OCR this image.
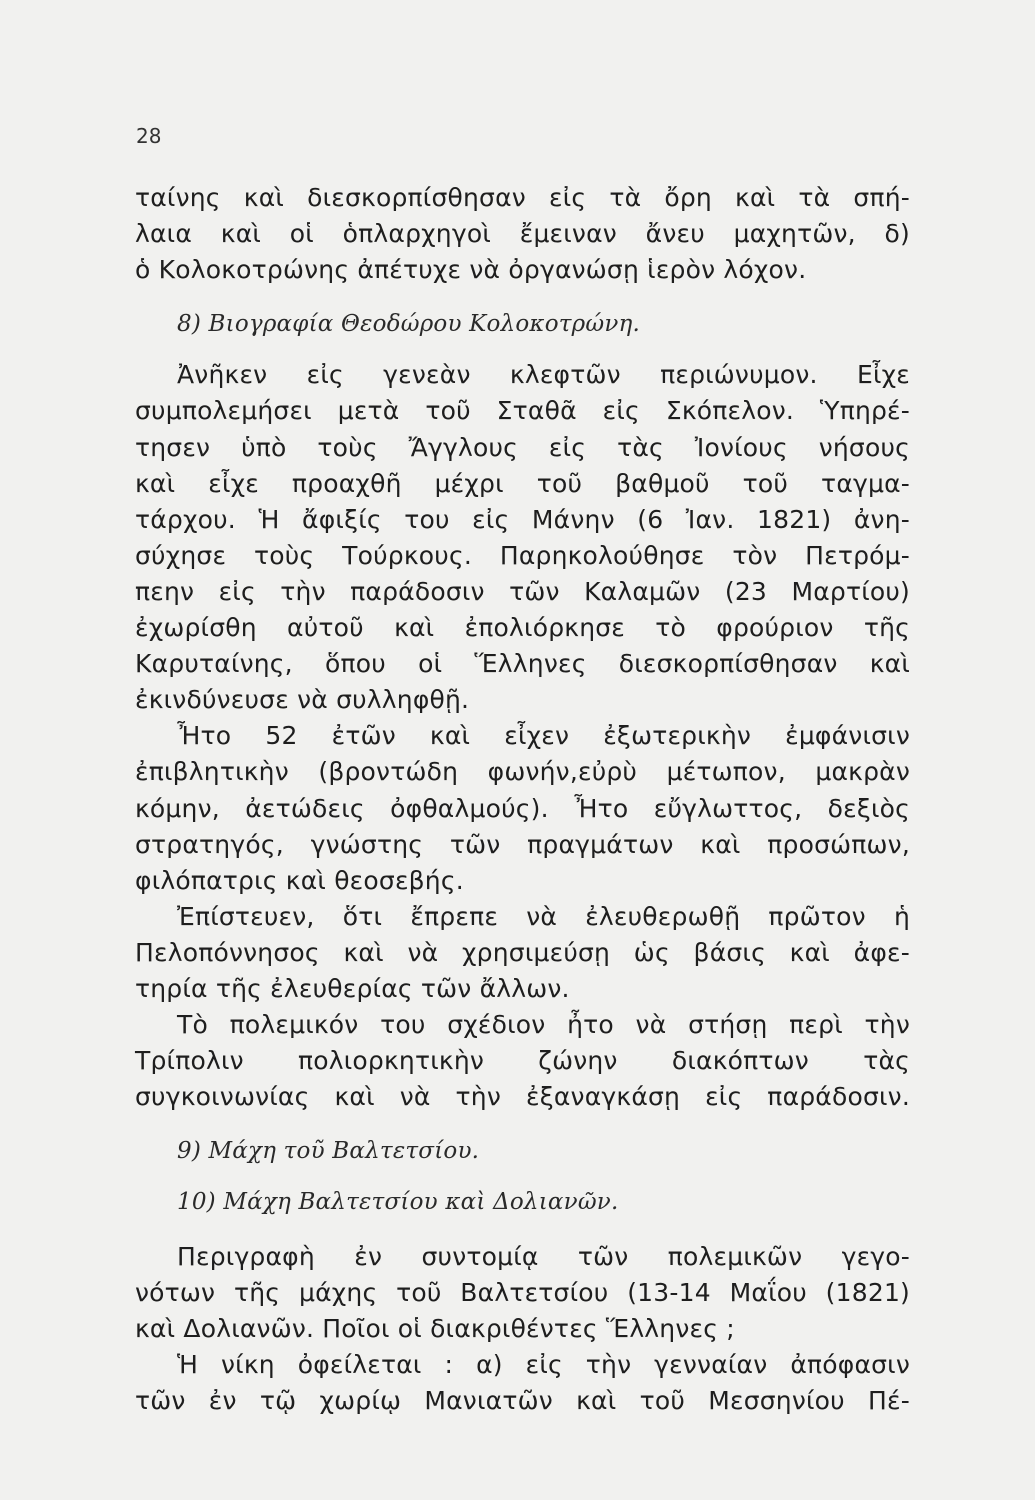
28
ταίνης καὶ διεσκορπίσθησαν εἰς τὰ ὄρη καὶ τὰ σπή-
λαια καὶ οἱ ὁπλαρχηγοὶ ἔμειναν ἄνευ μαχητῶν, δ)
ὁ Κολοκοτρώνης ἀπέτυχε νὰ ὀργανώσῃ ἱερὸν λόχον.
8) Βιογραφία Θεοδώρου Κολοκοτρώνη.
Ἀνῆκεν εἰς γενεὰν κλεφτῶν περιώνυμον. Εἶχε
συμπολεμήσει μετὰ τοῦ Σταθᾶ εἰς Σκόπελον. Ὑπηρέ-
τησεν ὑπὸ τοὺς Ἄγγλους εἰς τὰς Ἰονίους νήσους
καὶ εἶχε προαχθῆ μέχρι τοῦ βαθμοῦ τοῦ ταγμα-
τάρχου. Ἡ ἄφιξίς του εἰς Μάνην (6 Ἰαν. 1821) ἀνη-
σύχησε τοὺς Τούρκους. Παρηκολούθησε τὸν Πετρόμ-
πεην εἰς τὴν παράδοσιν τῶν Καλαμῶν (23 Μαρτίου)
ἐχωρίσθη αὐτοῦ καὶ ἐπολιόρκησε τὸ φρούριον τῆς
Καρυταίνης, ὅπου οἱ Ἕλληνες διεσκορπίσθησαν καὶ
ἐκινδύνευσε νὰ συλληφθῇ.
Ἦτο 52 ἐτῶν καὶ εἶχεν ἐξωτερικὴν ἐμφάνισιν
ἐπιβλητικὴν (βροντώδη φωνήν,εὐρὺ μέτωπον, μακρὰν
κόμην, ἀετώδεις ὀφθαλμούς). Ἦτο εὔγλωττος, δεξιὸς
στρατηγός, γνώστης τῶν πραγμάτων καὶ προσώπων,
φιλόπατρις καὶ θεοσεβής.
Ἐπίστευεν, ὅτι ἔπρεπε νὰ ἐλευθερωθῇ πρῶτον ἡ
Πελοπόννησος καὶ νὰ χρησιμεύσῃ ὡς βάσις καὶ ἀφε-
τηρία τῆς ἐλευθερίας τῶν ἄλλων.
Τὸ πολεμικόν του σχέδιον ἦτο νὰ στήσῃ περὶ τὴν
Τρίπολιν πολιορκητικὴν ζώνην διακόπτων τὰς
συγκοινωνίας καὶ νὰ τὴν ἐξαναγκάσῃ εἰς παράδοσιν.
9) Μάχη τοῦ Βαλτετσίου.
10) Μάχη Βαλτετσίου καὶ Δολιανῶν.
Περιγραφὴ ἐν συντομίᾳ τῶν πολεμικῶν γεγο-
νότων τῆς μάχης τοῦ Βαλτετσίου (13-14 Μαΐου (1821)
καὶ Δολιανῶν. Ποῖοι οἱ διακριθέντες Ἕλληνες ;
Ἡ νίκη ὀφείλεται : α) εἰς τὴν γενναίαν ἀπόφασιν
τῶν ἐν τῷ χωρίῳ Μανιατῶν καὶ τοῦ Μεσσηνίου Πέ-
